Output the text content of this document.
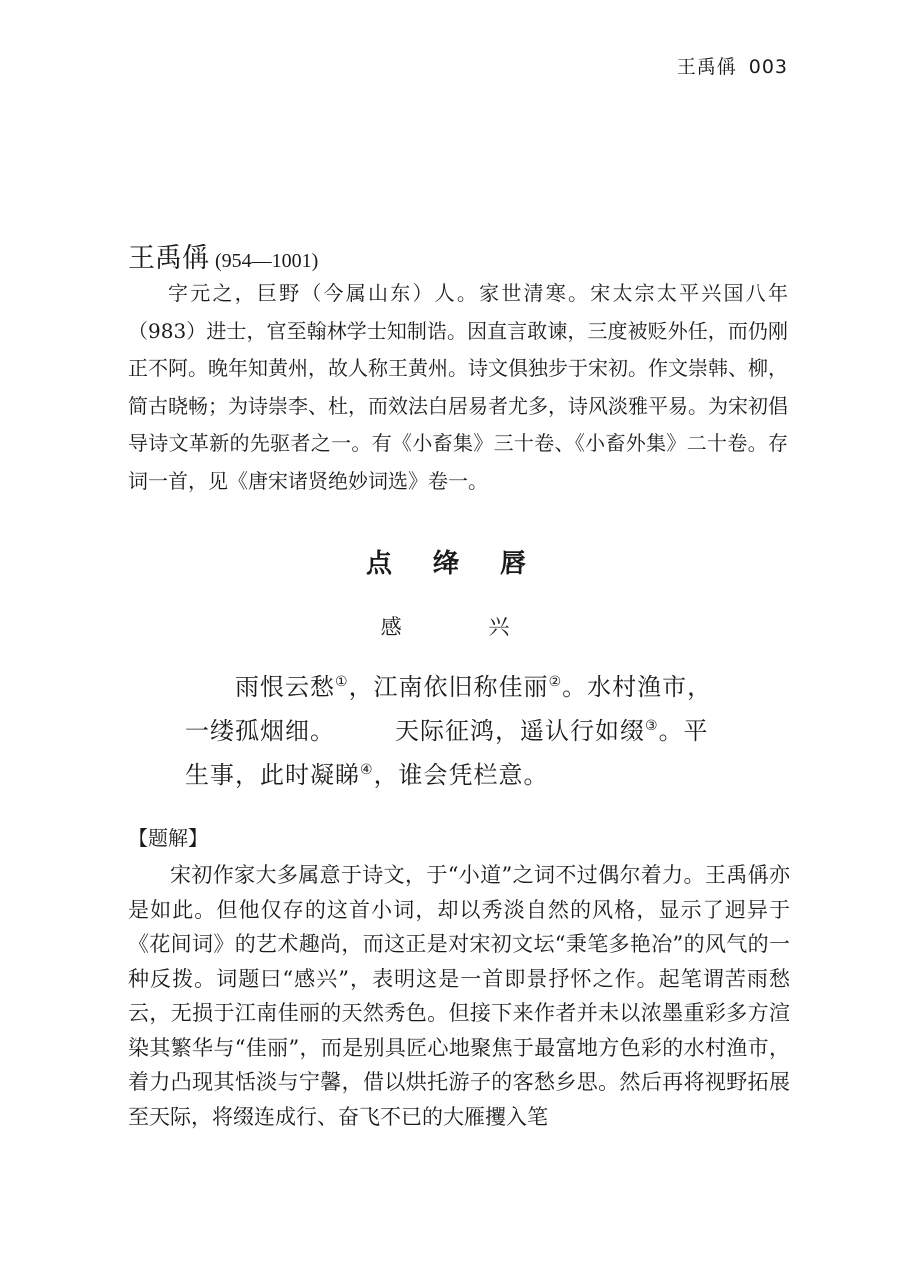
王禹偁 003
王禹偁 (954—1001)

字元之，巨野（今属山东）人。家世清寒。宋太宗太平兴国八年（983）进士，官至翰林学士知制诰。因直言敢谏，三度被贬外任，而仍刚正不阿。晚年知黄州，故人称王黄州。诗文俱独步于宋初。作文崇韩、柳，简古晓畅；为诗崇李、杜，而效法白居易者尤多，诗风淡雅平易。为宋初倡导诗文革新的先驱者之一。有《小畜集》三十卷、《小畜外集》二十卷。存词一首，见《唐宋诸贤绝妙词选》卷一。

点 绛 唇
感 兴
雨恨云愁①，江南依旧称佳丽②。水村渔市，
一缕孤烟细。	天际征鸿，遥认行如缀③。平
生事，此时凝睇④，谁会凭栏意。
【题解】

宋初作家大多属意于诗文，于“小道”之词不过偶尔着力。王禹偁亦是如此。但他仅存的这首小词，却以秀淡自然的风格，显示了迥异于《花间词》的艺术趣尚，而这正是对宋初文坛“秉笔多艳冶”的风气的一种反拨。词题曰“感兴”，表明这是一首即景抒怀之作。起笔谓苦雨愁云，无损于江南佳丽的天然秀色。但接下来作者并未以浓墨重彩多方渲染其繁华与“佳丽”，而是别具匠心地聚焦于最富地方色彩的水村渔市，着力凸现其恬淡与宁馨，借以烘托游子的客愁乡思。然后再将视野拓展至天际，将缀连成行、奋飞不已的大雁攫入笔
